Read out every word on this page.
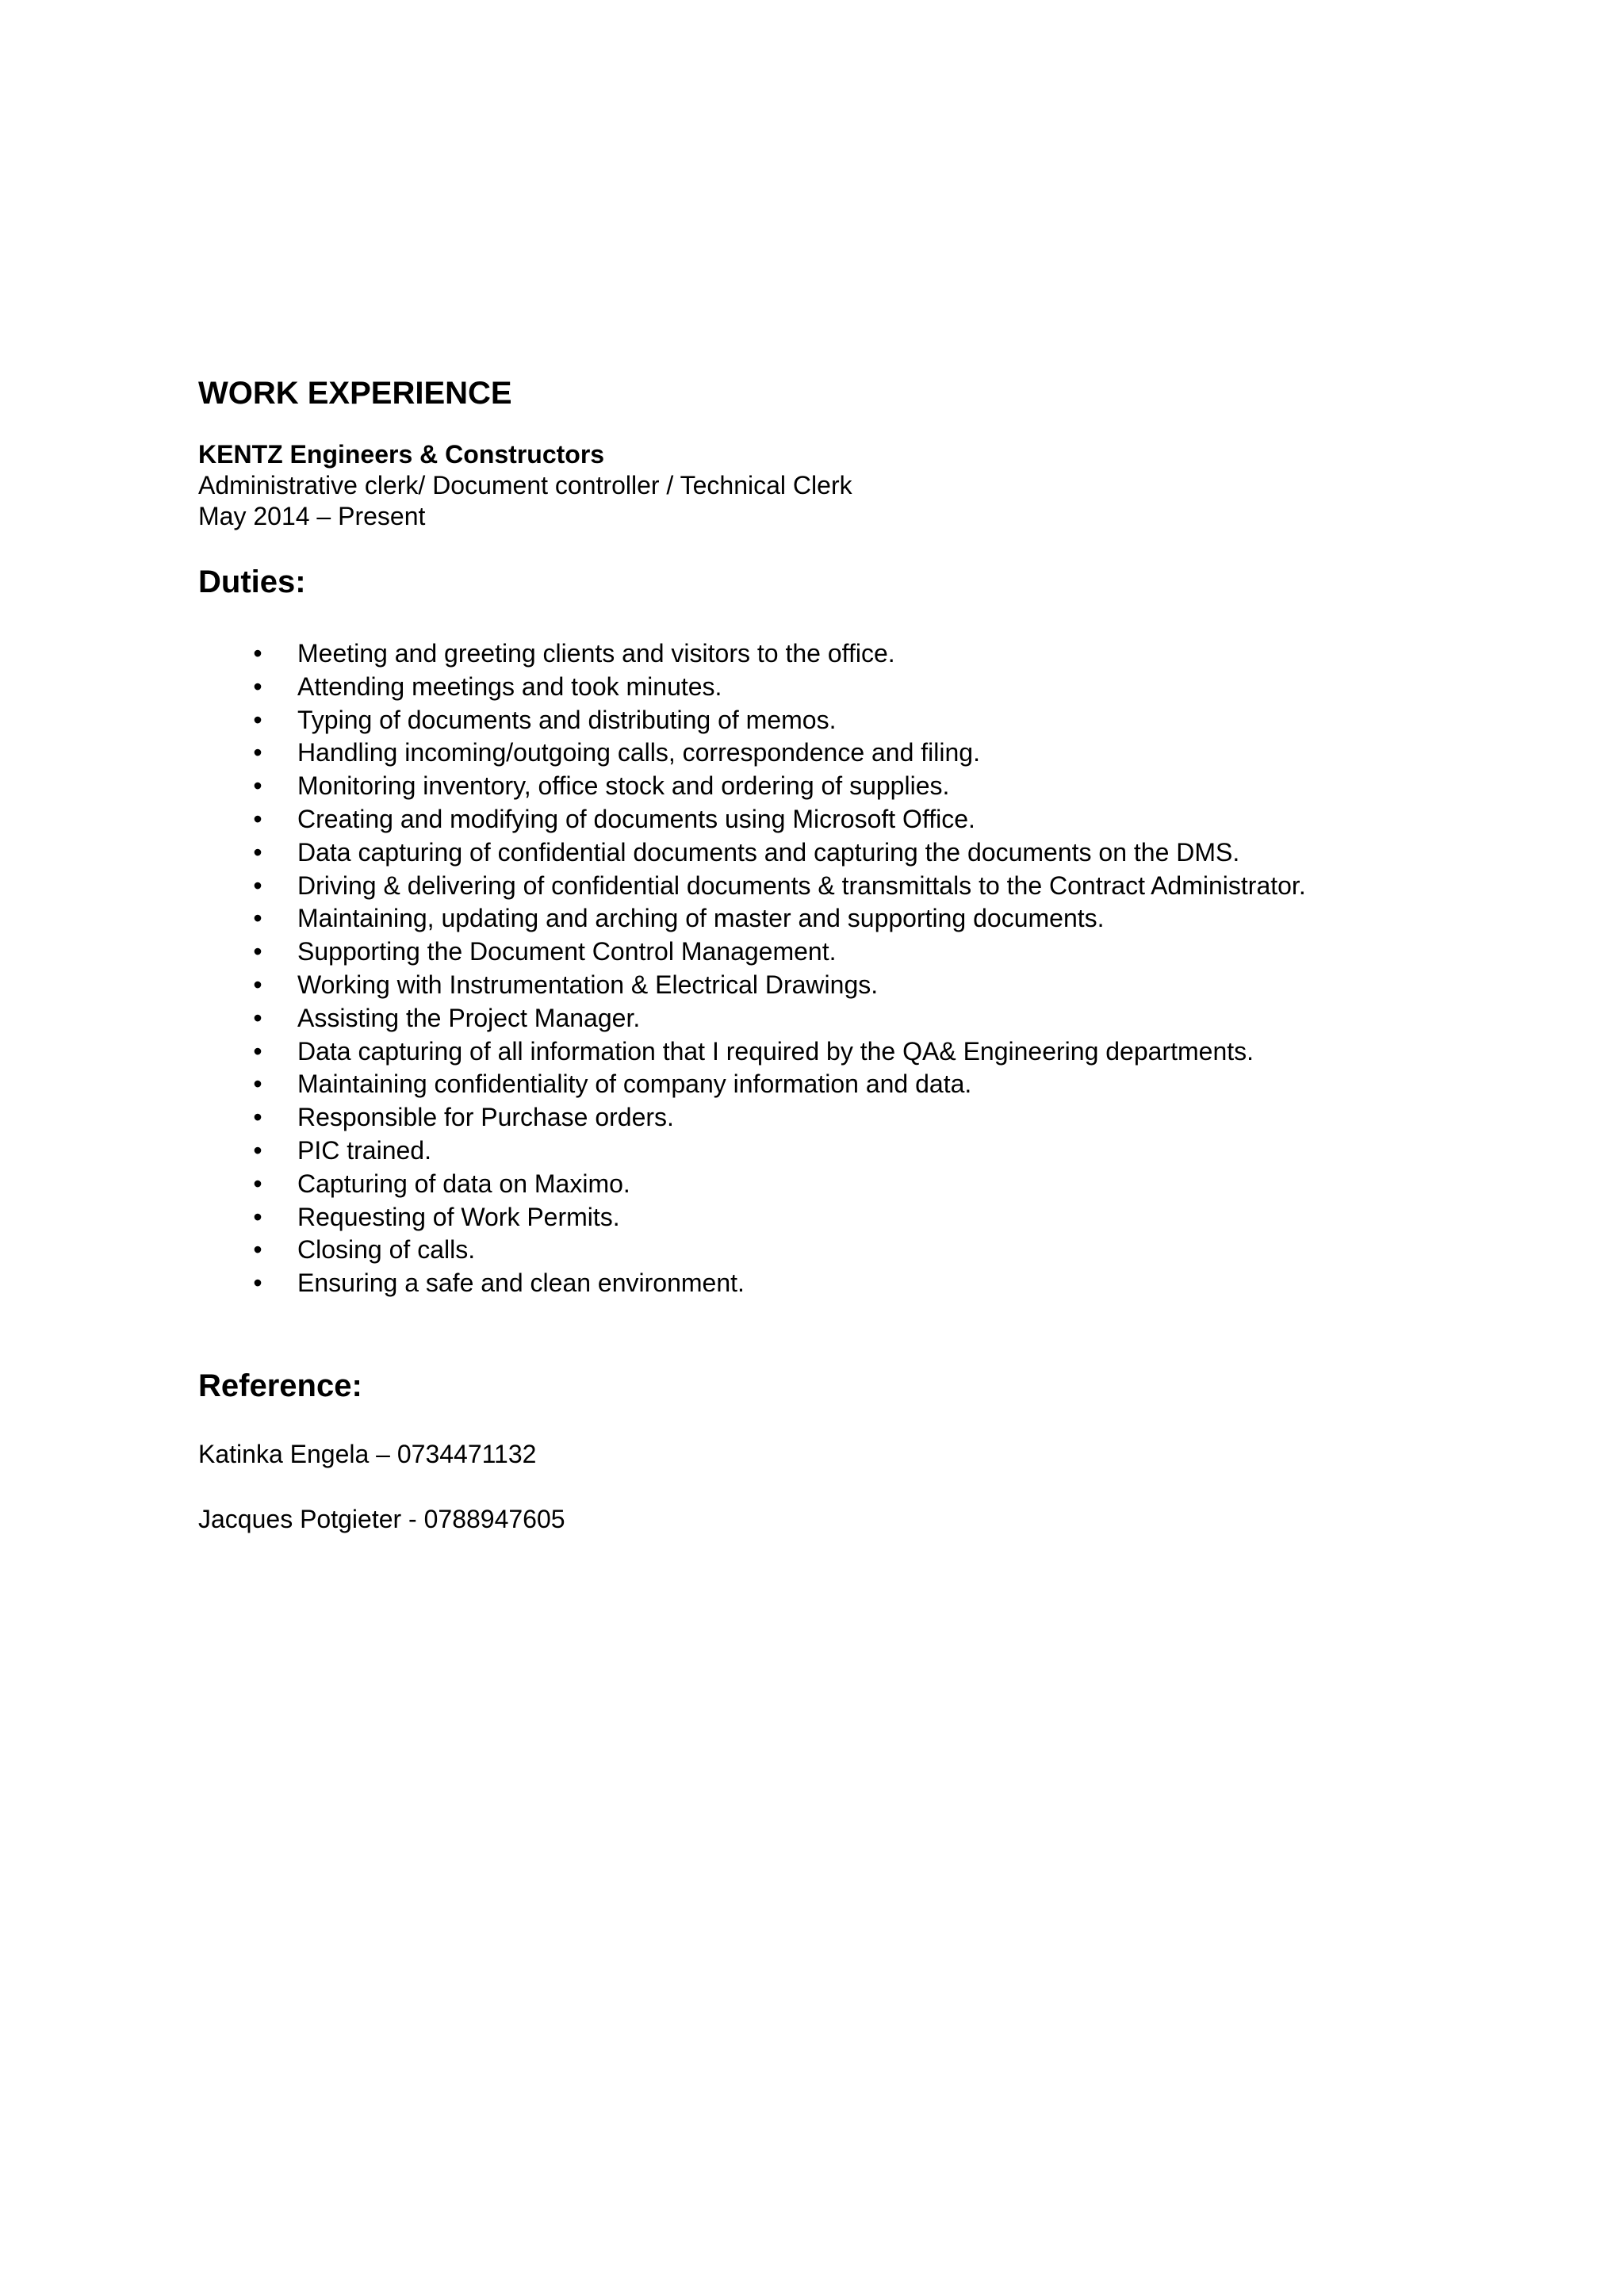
WORK EXPERIENCE
KENTZ Engineers & Constructors
Administrative clerk/ Document controller / Technical Clerk
May 2014 – Present
Duties:
• Meeting and greeting clients and visitors to the office.
• Attending meetings and took minutes.
• Typing of documents and distributing of memos.
• Handling incoming/outgoing calls, correspondence and filing.
• Monitoring inventory, office stock and ordering of supplies.
• Creating and modifying of documents using Microsoft Office.
• Data capturing of confidential documents and capturing the documents on the DMS.
• Driving & delivering of confidential documents & transmittals to the Contract Administrator.
• Maintaining, updating and arching of master and supporting documents.
• Supporting the Document Control Management.
• Working with Instrumentation & Electrical Drawings.
• Assisting the Project Manager.
• Data capturing of all information that I required by the QA& Engineering departments.
• Maintaining confidentiality of company information and data.
• Responsible for Purchase orders.
• PIC trained.
• Capturing of data on Maximo.
• Requesting of Work Permits.
• Closing of calls.
• Ensuring a safe and clean environment.
Reference:
Katinka Engela – 0734471132
Jacques Potgieter - 0788947605
